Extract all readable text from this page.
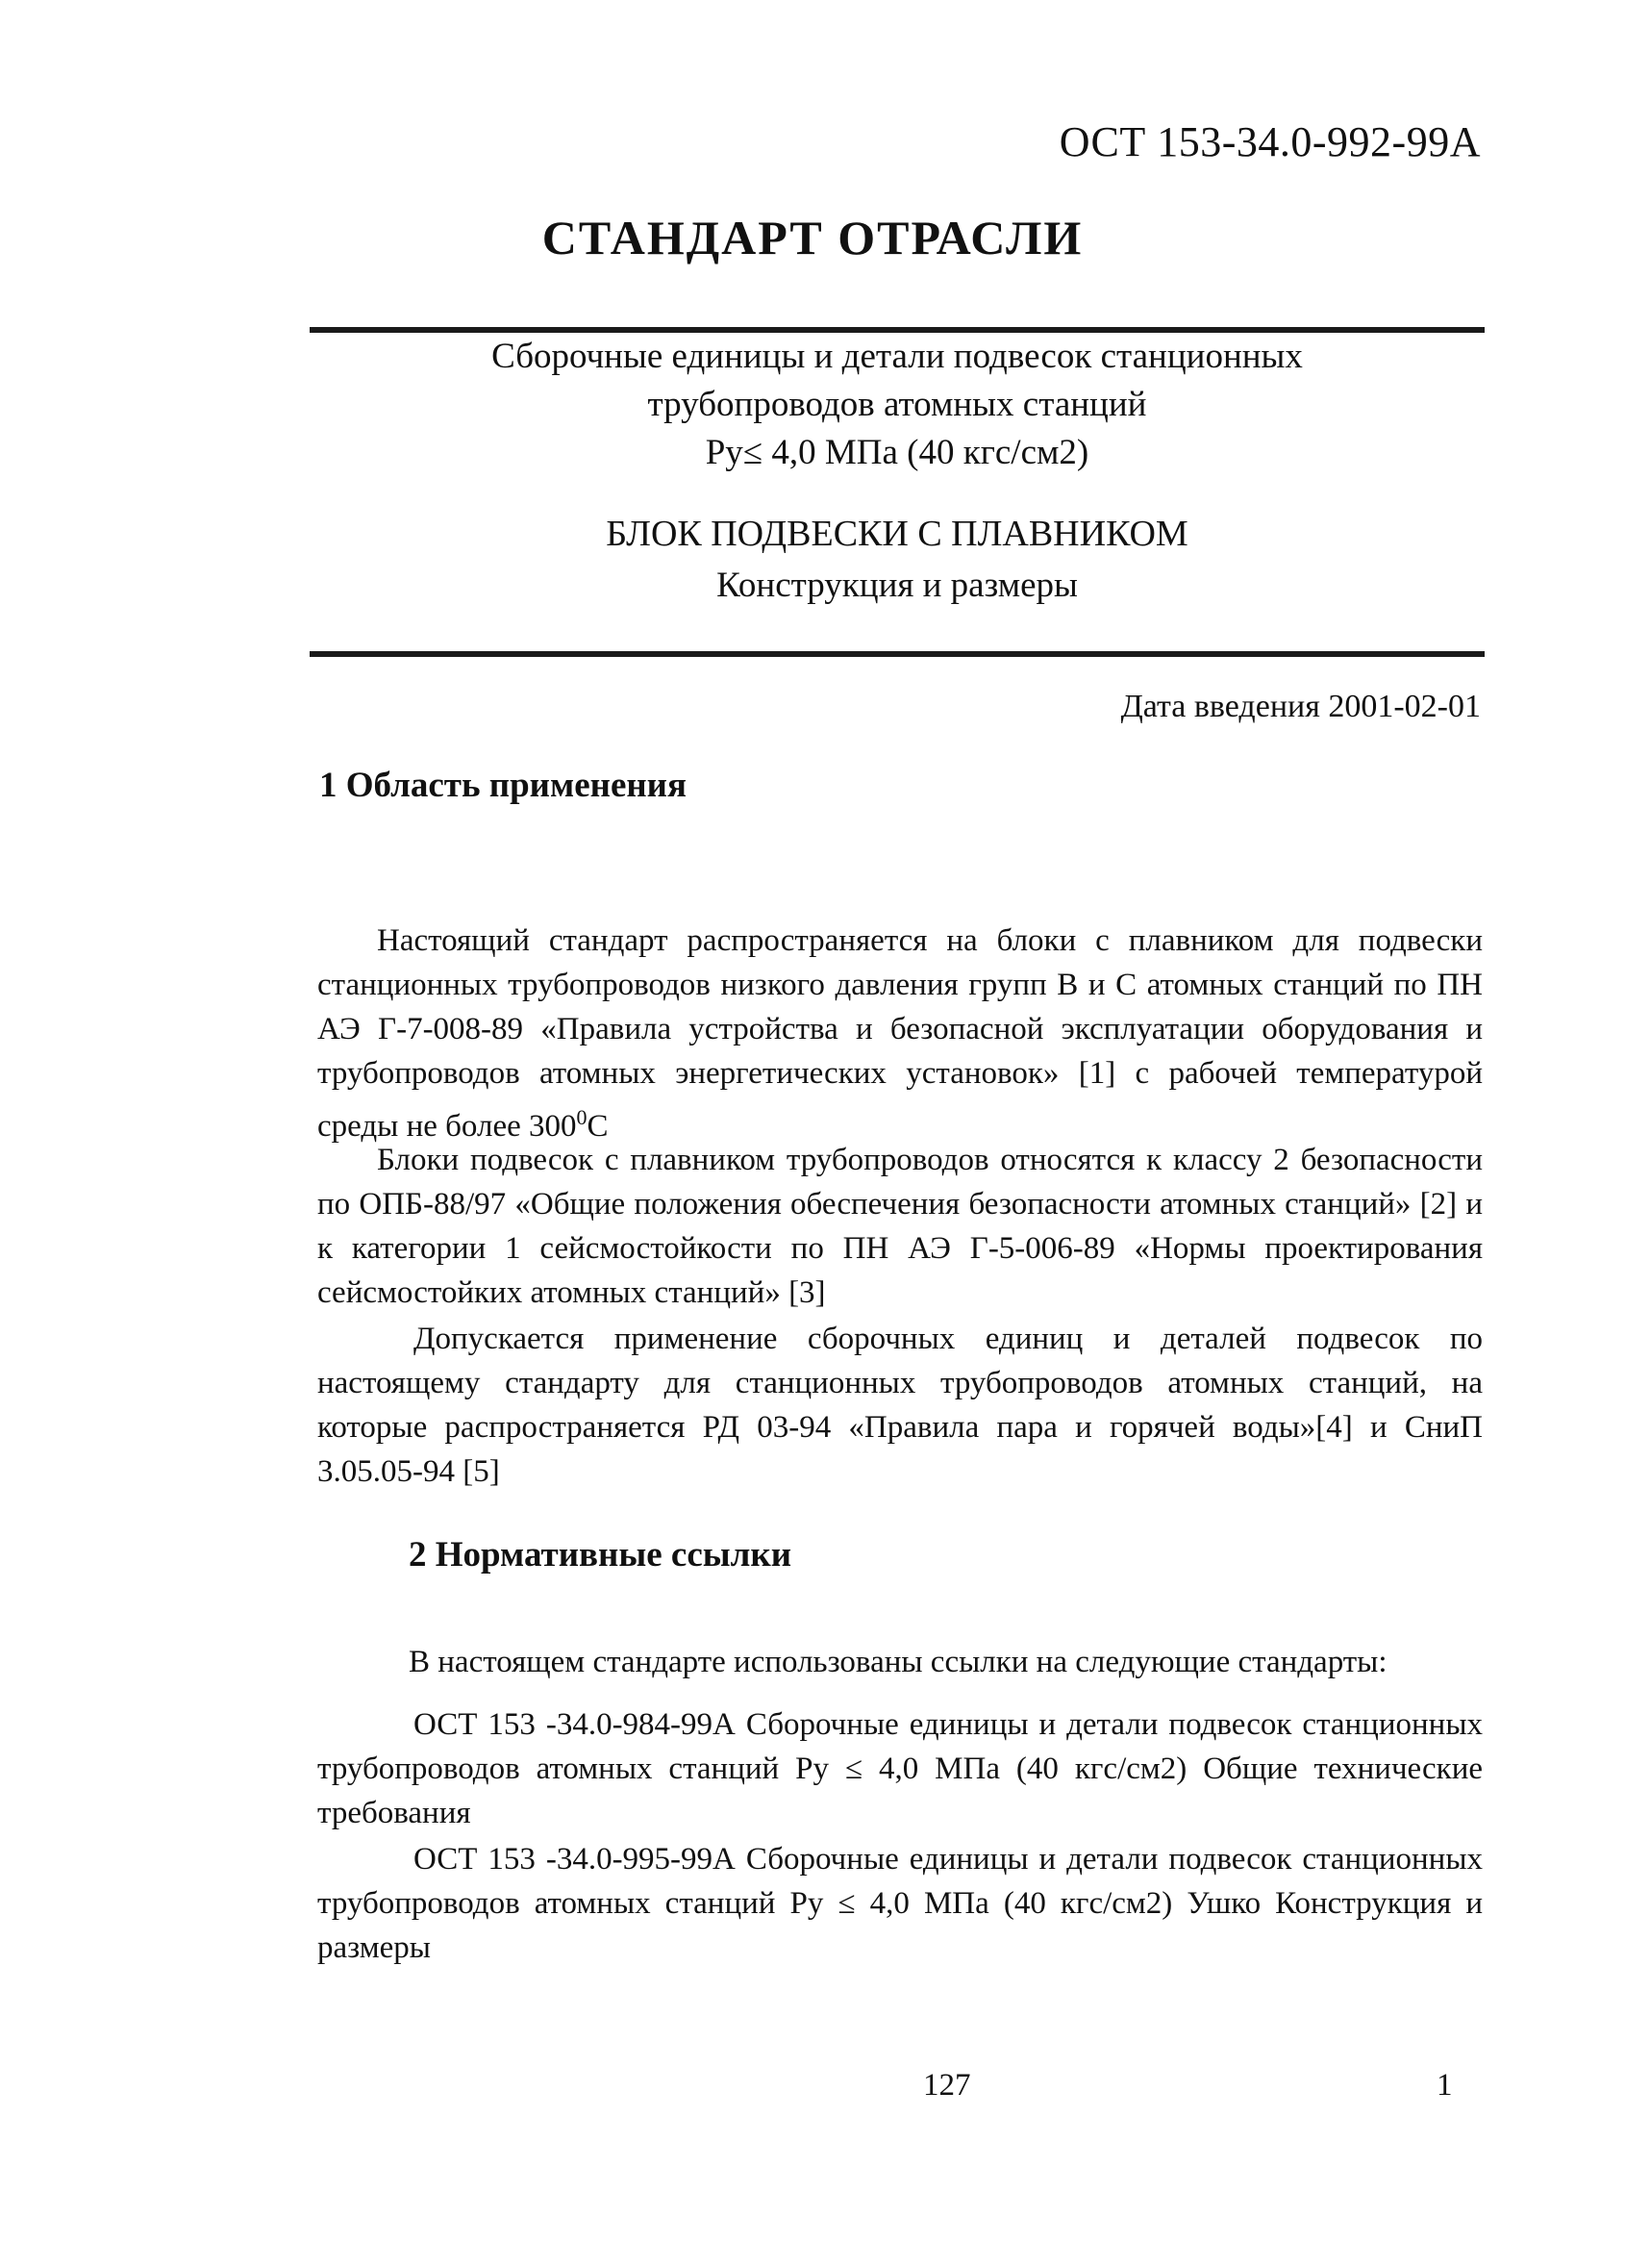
ОСТ 153-34.0-992-99А
СТАНДАРТ ОТРАСЛИ
Сборочные единицы и детали подвесок станционных
трубопроводов атомных станций
Ру≤ 4,0 МПа (40 кгс/см2)
БЛОК ПОДВЕСКИ С ПЛАВНИКОМ
Конструкция и размеры
Дата введения 2001-02-01
1 Область применения
Настоящий стандарт распространяется на блоки с плавником для подвески станционных трубопроводов низкого давления групп В и С атомных станций по ПН АЭ Г-7-008-89 «Правила устройства и безопасной эксплуатации оборудования и трубопроводов атомных энергетических установок» [1] с рабочей температурой среды не более $300^0С$
Блоки подвесок с плавником трубопроводов относятся к классу 2 безопасности по ОПБ-88/97 «Общие положения обеспечения безопасности атомных станций» [2] и к категории 1 сейсмостойкости по ПН АЭ Г-5-006-89 «Нормы проектирования сейсмостойких атомных станций» [3]
Допускается применение сборочных единиц и деталей подвесок по настоящему стандарту для станционных трубопроводов атомных станций, на которые распространяется РД 03-94 «Правила пара и горячей воды»[4] и СниП 3.05.05-94 [5]
2 Нормативные ссылки
В настоящем стандарте использованы ссылки на следующие стандарты:
ОСТ 153 -34.0-984-99А Сборочные единицы и детали подвесок станционных трубопроводов атомных станций Ру ≤ 4,0 МПа (40 кгс/см2) Общие технические требования
ОСТ 153 -34.0-995-99А Сборочные единицы и детали подвесок станционных трубопроводов атомных станций Ру ≤ 4,0 МПа (40 кгс/см2) Ушко Конструкция и размеры
127	1
